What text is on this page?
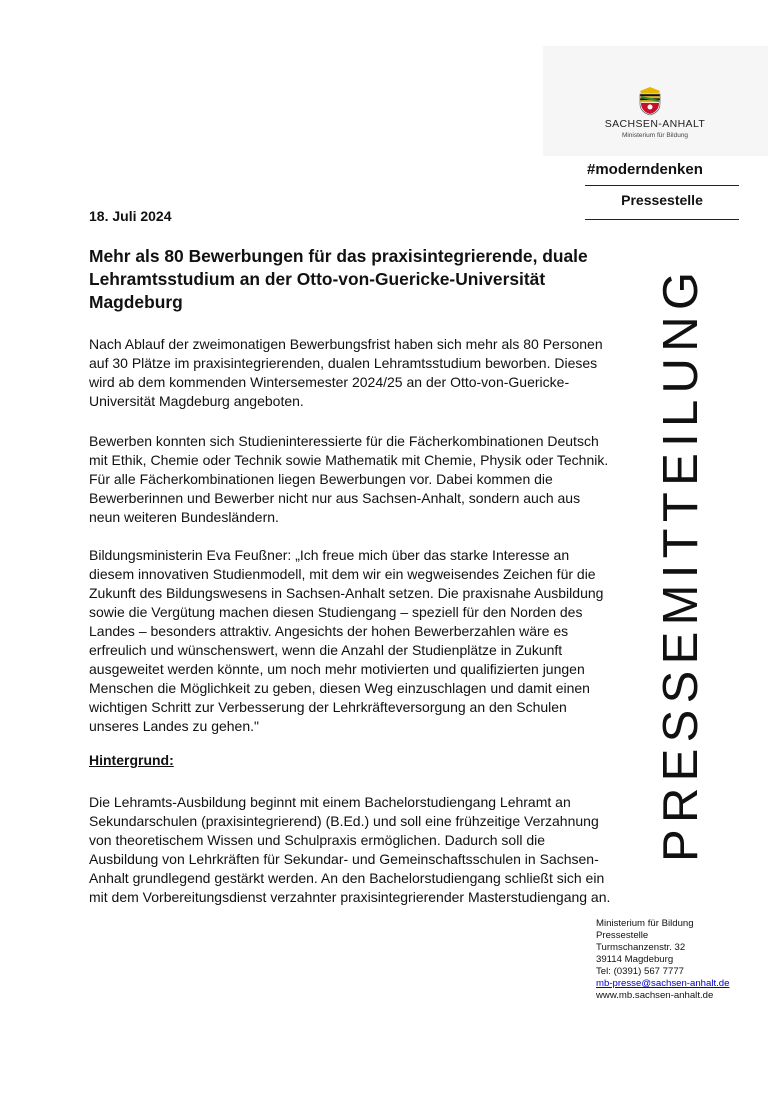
SACHSEN-ANHALT
Ministerium für Bildung
#moderndenken
Pressestelle
PRESSEMITTEILUNG
18. Juli 2024
Mehr als 80 Bewerbungen für das praxisintegrierende, duale
Lehramtsstudium an der Otto-von-Guericke-Universität
Magdeburg
Nach Ablauf der zweimonatigen Bewerbungsfrist haben sich mehr als 80 Personen
auf 30 Plätze im praxisintegrierenden, dualen Lehramtsstudium beworben. Dieses
wird ab dem kommenden Wintersemester 2024/25 an der Otto-von-Guericke-
Universität Magdeburg angeboten.
Bewerben konnten sich Studieninteressierte für die Fächerkombinationen Deutsch
mit Ethik, Chemie oder Technik sowie Mathematik mit Chemie, Physik oder Technik.
Für alle Fächerkombinationen liegen Bewerbungen vor. Dabei kommen die
Bewerberinnen und Bewerber nicht nur aus Sachsen-Anhalt, sondern auch aus
neun weiteren Bundesländern.
Bildungsministerin Eva Feußner: „Ich freue mich über das starke Interesse an
diesem innovativen Studienmodell, mit dem wir ein wegweisendes Zeichen für die
Zukunft des Bildungswesens in Sachsen-Anhalt setzen. Die praxisnahe Ausbildung
sowie die Vergütung machen diesen Studiengang – speziell für den Norden des
Landes – besonders attraktiv. Angesichts der hohen Bewerberzahlen wäre es
erfreulich und wünschenswert, wenn die Anzahl der Studienplätze in Zukunft
ausgeweitet werden könnte, um noch mehr motivierten und qualifizierten jungen
Menschen die Möglichkeit zu geben, diesen Weg einzuschlagen und damit einen
wichtigen Schritt zur Verbesserung der Lehrkräfteversorgung an den Schulen
unseres Landes zu gehen."
Hintergrund:
Die Lehramts-Ausbildung beginnt mit einem Bachelorstudiengang Lehramt an
Sekundarschulen (praxisintegrierend) (B.Ed.) und soll eine frühzeitige Verzahnung
von theoretischem Wissen und Schulpraxis ermöglichen. Dadurch soll die
Ausbildung von Lehrkräften für Sekundar- und Gemeinschaftsschulen in Sachsen-
Anhalt grundlegend gestärkt werden. An den Bachelorstudiengang schließt sich ein
mit dem Vorbereitungsdienst verzahnter praxisintegrierender Masterstudiengang an.
Ministerium für Bildung
Pressestelle
Turmschanzenstr. 32
39114 Magdeburg
Tel: (0391) 567 7777
mb-presse@sachsen-anhalt.de
www.mb.sachsen-anhalt.de
